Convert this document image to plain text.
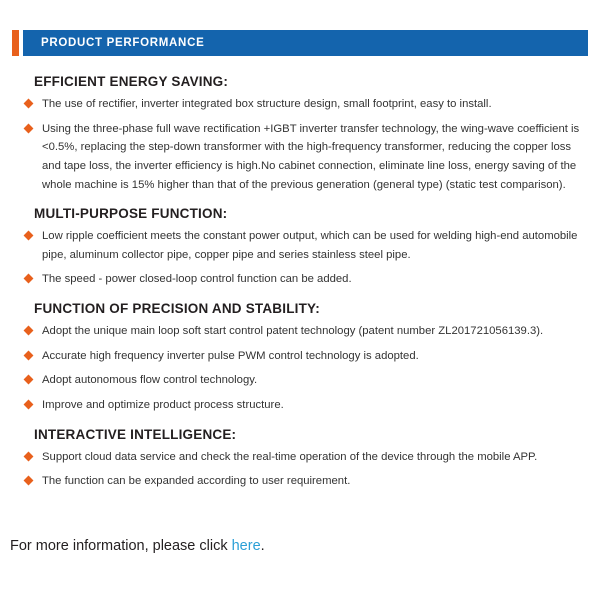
PRODUCT PERFORMANCE
EFFICIENT ENERGY SAVING:
The use of rectifier, inverter integrated box structure design, small footprint, easy to install.
Using the three-phase full wave rectification +IGBT inverter transfer technology, the wing-wave coefficient is <0.5%, replacing the step-down transformer with the high-frequency transformer, reducing the copper loss and tape loss, the inverter efficiency is high.No cabinet connection, eliminate line loss, energy saving of the whole machine is 15% higher than that of the previous generation (general type) (static test comparison).
MULTI-PURPOSE FUNCTION:
Low ripple coefficient meets the constant power output, which can be used for welding high-end automobile pipe, aluminum collector pipe, copper pipe and series stainless steel pipe.
The speed - power closed-loop control function can be added.
FUNCTION OF PRECISION AND STABILITY:
Adopt the unique main loop soft start control patent technology (patent number ZL201721056139.3).
Accurate high frequency inverter pulse PWM control technology is adopted.
Adopt autonomous flow control technology.
Improve and optimize product process structure.
INTERACTIVE INTELLIGENCE:
Support cloud data service and check the real-time operation of the device through the mobile APP.
The function can be expanded according to user requirement.
For more information, please click here.
